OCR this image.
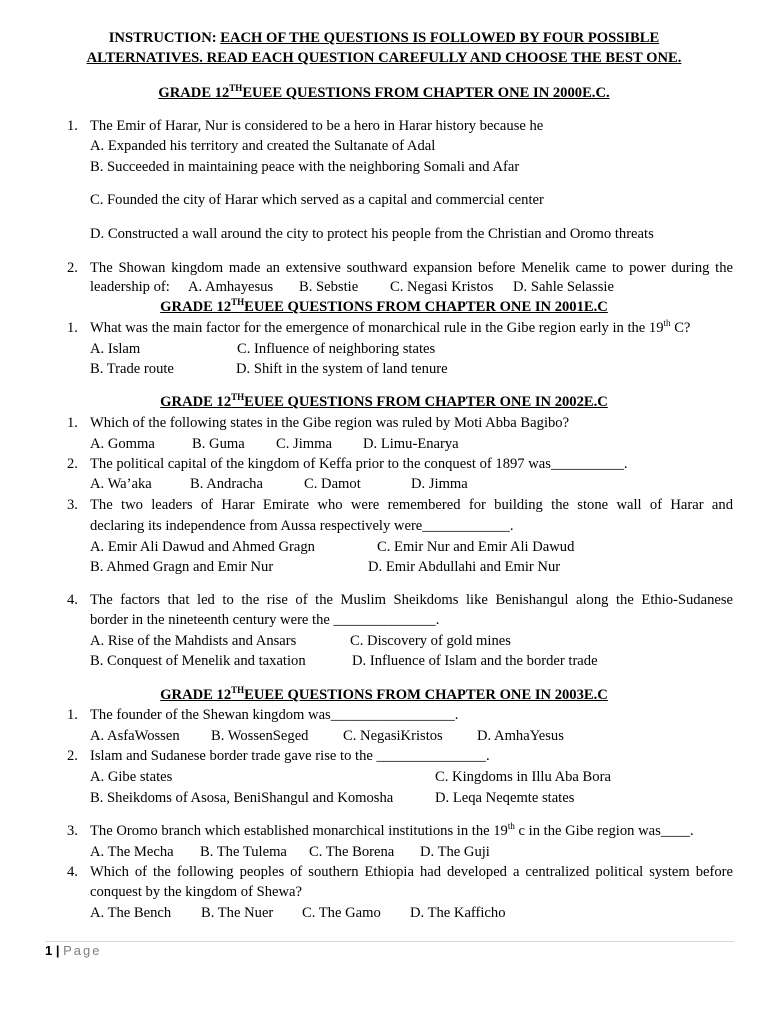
INSTRUCTION: EACH OF THE QUESTIONS IS FOLLOWED BY FOUR POSSIBLE
ALTERNATIVES. READ EACH QUESTION CAREFULLY AND CHOOSE THE BEST ONE.
GRADE 12THEUEE QUESTIONS FROM CHAPTER ONE IN 2000E.C.
1. The Emir of Harar, Nur is considered to be a hero in Harar history because he
A. Expanded his territory and created the Sultanate of Adal
B. Succeeded in maintaining peace with the neighboring Somali and Afar
C. Founded the city of Harar which served as a capital and commercial center
D. Constructed a wall around the city to protect his people from the Christian and Oromo threats
2. The Showan kingdom made an extensive southward expansion before Menelik came to power during the
leadership of: A. Amhayesus B. Sebstie C. Negasi Kristos D. Sahle Selassie
GRADE 12THEUEE QUESTIONS FROM CHAPTER ONE IN 2001E.C
1. What was the main factor for the emergence of monarchical rule in the Gibe region early in the 19th C?
A. Islam	C. Influence of neighboring states
B. Trade route	D. Shift in the system of land tenure
GRADE 12THEUEE QUESTIONS FROM CHAPTER ONE IN 2002E.C
1. Which of the following states in the Gibe region was ruled by Moti Abba Bagibo?
A. Gomma	B. Guma C. Jimma D. Limu-Enarya
2. The political capital of the kingdom of Keffa prior to the conquest of 1897 was__________.
A. Wa’aka	B. Andracha	C. Damot	D. Jimma
3. The two leaders of Harar Emirate who were remembered for building the stone wall of Harar and
declaring its independence from Aussa respectively were____________.
A. Emir Ali Dawud and Ahmed Gragn	C. Emir Nur and Emir Ali Dawud
B. Ahmed Gragn and Emir Nur	D. Emir Abdullahi and Emir Nur
4. The factors that led to the rise of the Muslim Sheikdoms like Benishangul along the Ethio-Sudanese
border in the nineteenth century were the ______________.
A. Rise of the Mahdists and Ansars	C. Discovery of gold mines
B. Conquest of Menelik and taxation	D. Influence of Islam and the border trade
GRADE 12THEUEE QUESTIONS FROM CHAPTER ONE IN 2003E.C
1. The founder of the Shewan kingdom was_________________.
A. AsfaWossen B. WossenSeged C. NegasiKristos D. AmhaYesus
2. Islam and Sudanese border trade gave rise to the _______________.
A. Gibe states	C. Kingdoms in Illu Aba Bora
B. Sheikdoms of Asosa, BeniShangul and Komosha	D. Leqa Neqemte states
3. The Oromo branch which established monarchical institutions in the 19th c in the Gibe region was____.
A. The Mecha B. The Tulema C. The Borena D. The Guji
4. Which of the following peoples of southern Ethiopia had developed a centralized political system before
conquest by the kingdom of Shewa?
A. The Bench B. The Nuer C. The Gamo D. The Kafficho
1 | Page
